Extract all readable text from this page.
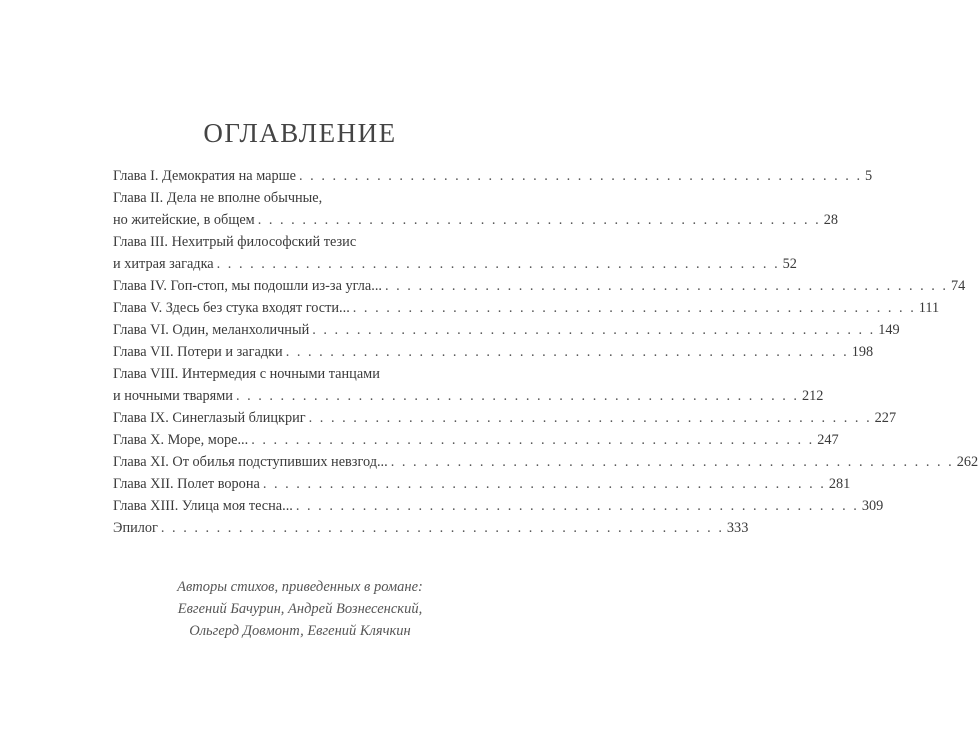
ОГЛАВЛЕНИЕ
Глава I. Демократия на марше . . . . . . . . . . . . . . . . . . . . . . . . . . . . . . . . . . . . . . . . . . . . . . . . . . . 5
Глава II. Дела не вполне обычные,
но житейские, в общем . . . . . . . . . . . . . . . . . . . . . . . . . . . . . . . . . . . . . . . . . . . . . . . . . . . 28
Глава III. Нехитрый философский тезис
и хитрая загадка . . . . . . . . . . . . . . . . . . . . . . . . . . . . . . . . . . . . . . . . . . . . . . . . . . . 52
Глава IV. Гоп-стоп, мы подошли из-за угла... . . . . . . . . . . . . . . . . . . . . . . . . . . . . . . . . . . . . . . . . . . . . . . . . . . . 74
Глава V. Здесь без стука входят гости... . . . . . . . . . . . . . . . . . . . . . . . . . . . . . . . . . . . . . . . . . . . . . . . . . . . 111
Глава VI. Один, меланхоличный . . . . . . . . . . . . . . . . . . . . . . . . . . . . . . . . . . . . . . . . . . . . . . . . . . . 149
Глава VII. Потери и загадки . . . . . . . . . . . . . . . . . . . . . . . . . . . . . . . . . . . . . . . . . . . . . . . . . . . 198
Глава VIII. Интермедия с ночными танцами
и ночными тварями . . . . . . . . . . . . . . . . . . . . . . . . . . . . . . . . . . . . . . . . . . . . . . . . . . . 212
Глава IX. Синеглазый блицкриг . . . . . . . . . . . . . . . . . . . . . . . . . . . . . . . . . . . . . . . . . . . . . . . . . . . 227
Глава X. Море, море... . . . . . . . . . . . . . . . . . . . . . . . . . . . . . . . . . . . . . . . . . . . . . . . . . . . 247
Глава XI. От обилья подступивших невзгод... . . . . . . . . . . . . . . . . . . . . . . . . . . . . . . . . . . . . . . . . . . . . . . . . . . . 262
Глава XII. Полет ворона . . . . . . . . . . . . . . . . . . . . . . . . . . . . . . . . . . . . . . . . . . . . . . . . . . . 281
Глава XIII. Улица моя тесна... . . . . . . . . . . . . . . . . . . . . . . . . . . . . . . . . . . . . . . . . . . . . . . . . . . . 309
Эпилог . . . . . . . . . . . . . . . . . . . . . . . . . . . . . . . . . . . . . . . . . . . . . . . . . . . 333
Авторы стихов, приведенных в романе:
Евгений Бачурин, Андрей Вознесенский,
Ольгерд Довмонт, Евгений Клячкин
